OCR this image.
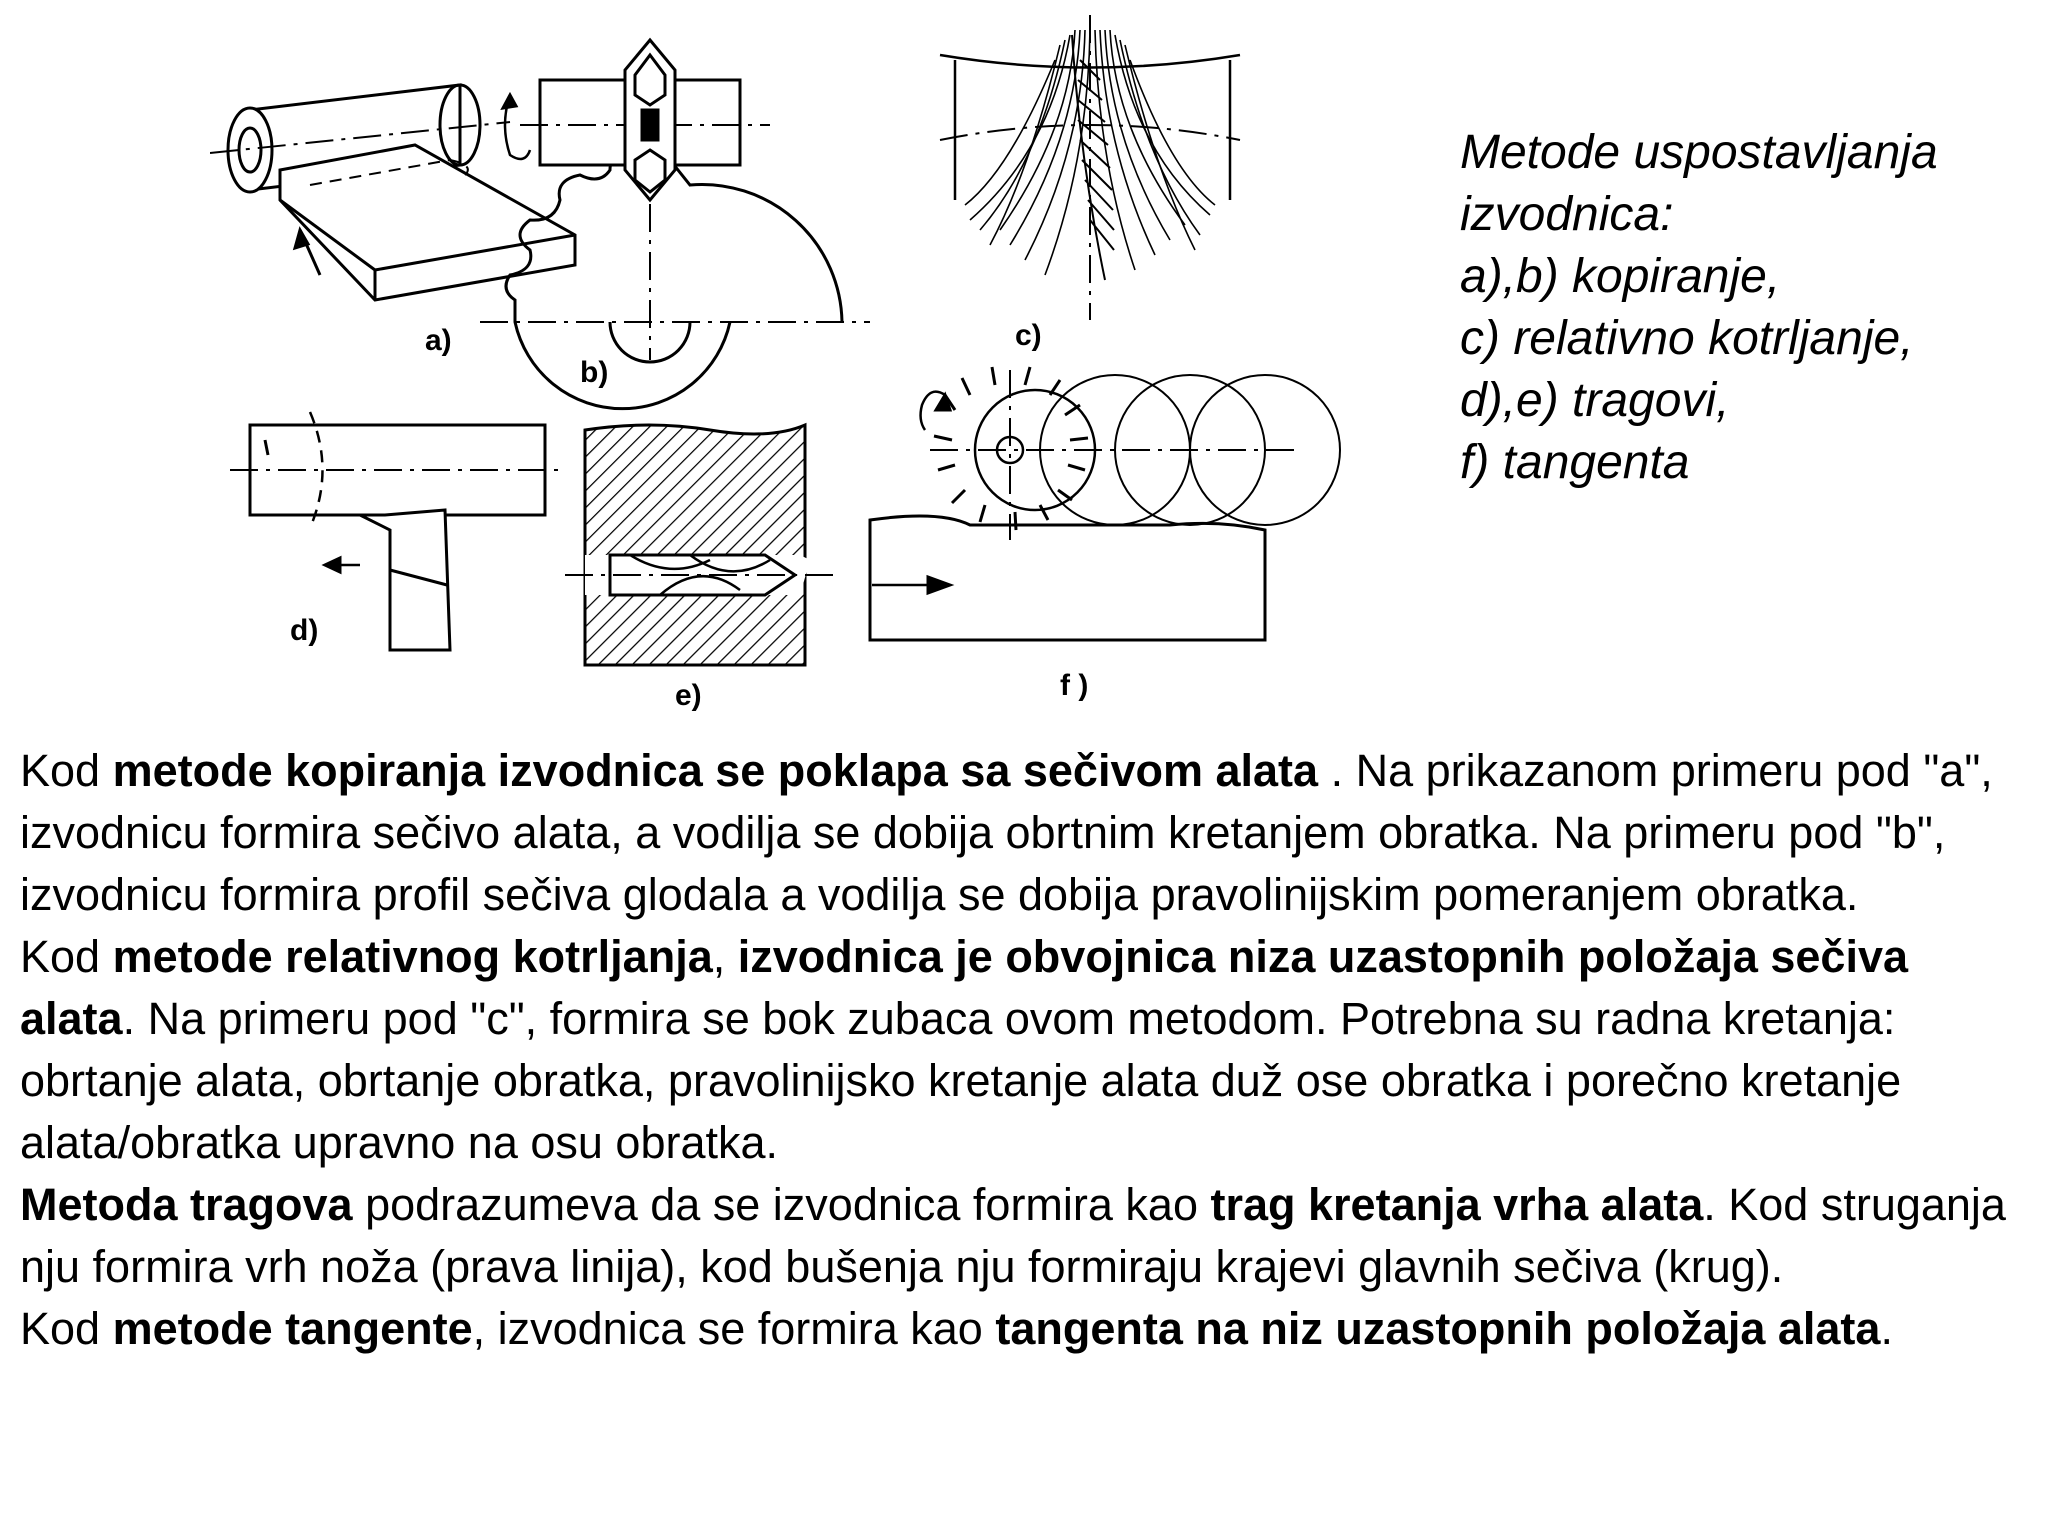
a)
b)
c)
d)
e)	f )
Metode uspostavljanja
izvodnica:
a),b) kopiranje,
c) relativno kotrljanje,
d),e) tragovi,
f) tangenta

Kod metode kopiranja izvodnica se poklapa sa sečivom alata . Na prikazanom primeru pod "a", izvodnicu formira sečivo alata, a vodilja se dobija obrtnim kretanjem obratka. Na primeru pod "b", izvodnicu formira profil sečiva glodala a vodilja se dobija pravolinijskim pomeranjem obratka.

Kod metode relativnog kotrljanja, izvodnica je obvojnica niza uzastopnih položaja sečiva alata. Na primeru pod "c", formira se bok zubaca ovom metodom. Potrebna su radna kretanja: obrtanje alata, obrtanje obratka, pravolinijsko kretanje alata duž ose obratka i porečno kretanje alata/obratka upravno na osu obratka.

Metoda tragova podrazumeva da se izvodnica formira kao trag kretanja vrha alata. Kod struganja nju formira vrh noža (prava linija), kod bušenja nju formiraju krajevi glavnih sečiva (krug).

Kod metode tangente, izvodnica se formira kao tangenta na niz uzastopnih položaja alata.
